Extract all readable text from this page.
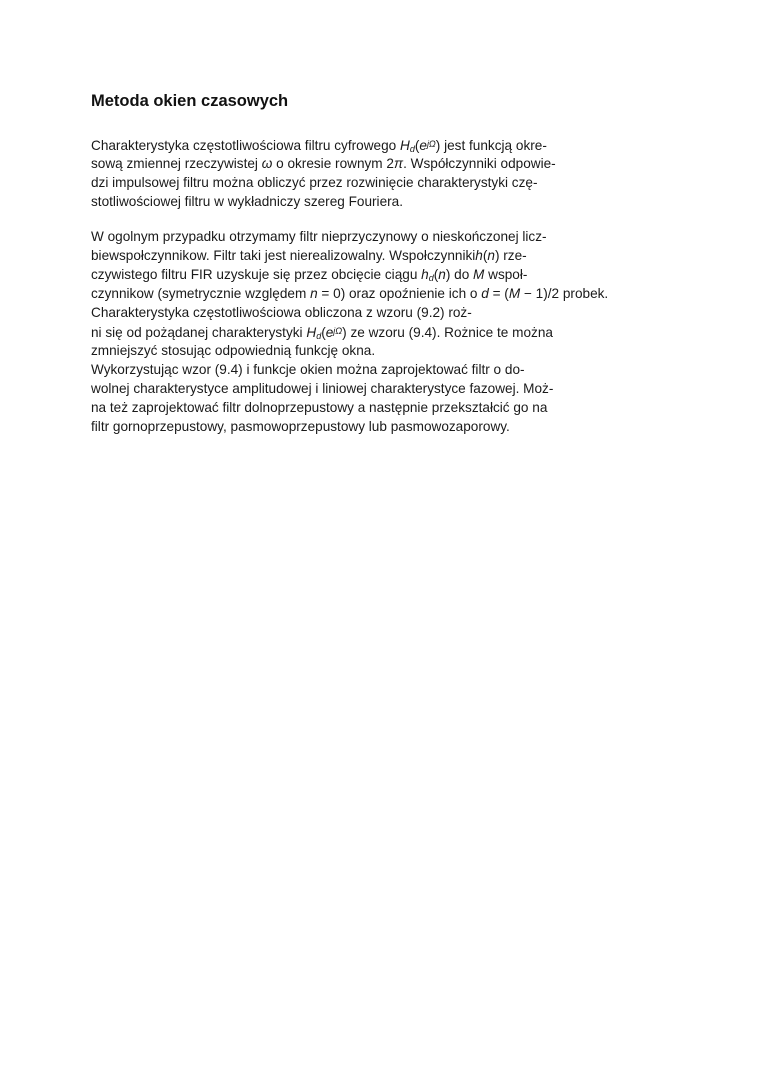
Metoda okien czasowych
Charakterystyka częstotliwościowa filtru cyfrowego $H_d(e^{j\Omega})$ jest funkcją okre-
sową zmiennej rzeczywistej ω o okresie rownym 2π. Współczynniki odpowie-
dzi impulsowej filtru można obliczyć przez rozwinięcie charakterystyki czę-
stotliwościowej filtru w wykładniczy szereg Fouriera.
W ogolnym przypadku otrzymamy filtr nieprzyczynowy o nieskończonej licz-
biewspołczynnikow. Filtr taki jest nierealizowalny. Wspołczynnikih(n) rze-
czywistego filtru FIR uzyskuje się przez obcięcie ciągu $h_d(n)$ do M wspoł-
czynnikow (symetrycznie względem n = 0) oraz opoźnienie ich o d = (M − 1)/2 probek.
Charakterystyka częstotliwościowa obliczona z wzoru (9.2) roż-
ni się od pożądanej charakterystyki $H_d(e^{j\Omega})$ ze wzoru (9.4). Rożnice te można
zmniejszyć stosując odpowiednią funkcję okna.
Wykorzystując wzor (9.4) i funkcje okien można zaprojektować filtr o do-
wolnej charakterystyce amplitudowej i liniowej charakterystyce fazowej. Moż-
na też zaprojektować filtr dolnoprzepustowy a następnie przekształcić go na
filtr gornoprzepustowy, pasmowoprzepustowy lub pasmowozaporowy.
